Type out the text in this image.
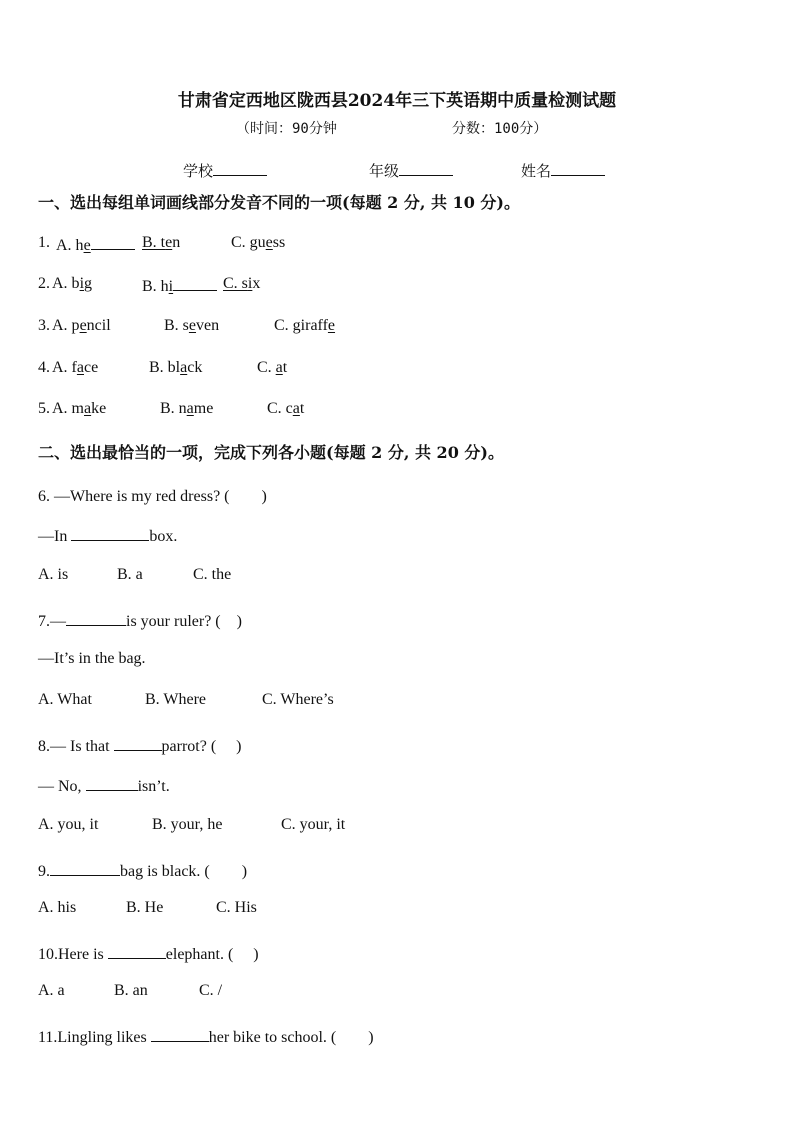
甘肃省定西地区陇西县2024年三下英语期中质量检测试题
（时间：90分钟	分数：100分）
学校	年级	姓名
一、选出每组单词画线部分发音不同的一项(每题 2 分, 共 10 分)。
1. A. he	B. ten	C. guess
2. A. big	B. hi	C. six
3. A. pencil	B. seven	C. giraffe
4. A. face	B. black	C. at
5. A. make	B. name	C. cat
二、选出最恰当的一项，完成下列各小题(每题 2 分, 共 20 分)。
6. —Where is my red dress? (　　)
—In	box.
A. is	B. a	C. the
7.—	is your ruler? (　)
—It’s in the bag.
A. What	B. Where	C. Where’s
8.— Is that	parrot? (　 )
— No,	isn’t.
A. you, it	B. your, he	C. your, it
9.	bag is black. (　　)
A. his	B. He	C. His
10.Here is	elephant. (　 )
A. a	B. an	C. /
11.Lingling likes	her bike to school. (　　)
